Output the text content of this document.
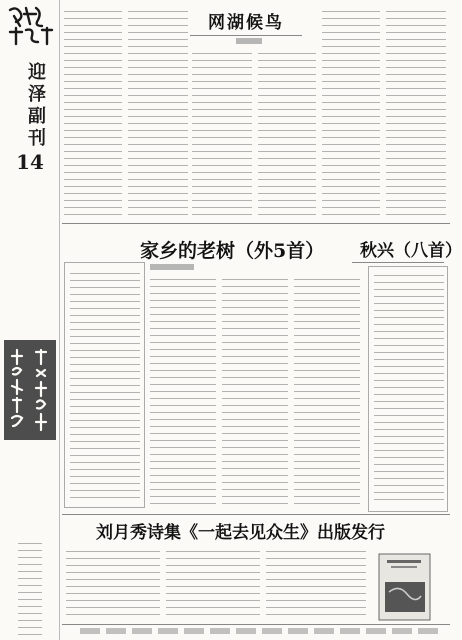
迎泽副刊
14
网湖候鸟
家乡的老树（外5首） 秋兴（八首）
刘月秀诗集《一起去见众生》出版发行
